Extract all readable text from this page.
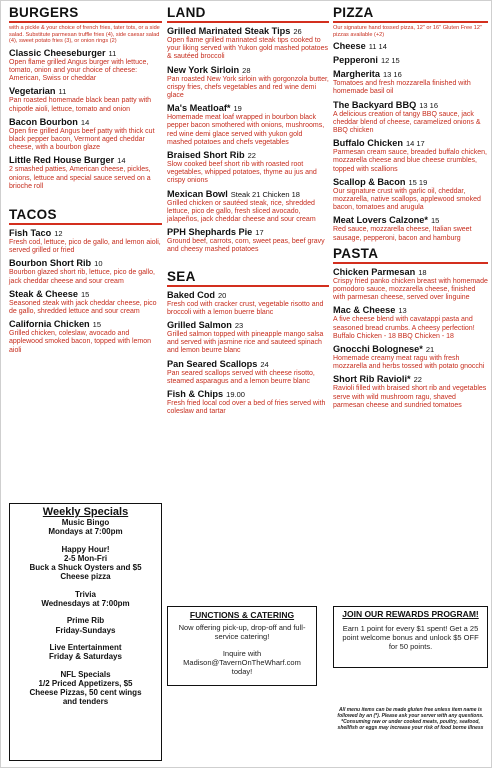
BURGERS
with a pickle & your choice of french fries, tater tots, or a side salad. Substitute parmesan truffle fries (4), side caesar salad (4), sweet potato fries (3), or onion rings (2)
Classic Cheeseburger 11
Open flame grilled Angus burger with lettuce, tomato, onion and your choice of cheese: American, Swiss or cheddar
Vegetarian 11
Pan roasted homemade black bean patty with chipotle aioli, lettuce, tomato and onion
Bacon Bourbon 14
Open fire grilled Angus beef patty with thick cut black pepper bacon, Vermont aged cheddar cheese, with a bourbon glaze
Little Red House Burger 14
2 smashed patties, American cheese, pickles, onions, lettuce and special sauce served on a brioche roll
TACOS
Fish Taco 12
Fresh cod, lettuce, pico de gallo, and lemon aioli, served grilled or fried
Bourbon Short Rib 10
Bourbon glazed short rib, lettuce, pico de gallo, jack cheddar cheese and sour cream
Steak & Cheese 15
Seasoned steak with jack cheddar cheese, pico de gallo, shredded lettuce and sour cream
California Chicken 15
Grilled chicken, coleslaw, avocado and applewood smoked bacon, topped with lemon aioli
LAND
Grilled Marinated Steak Tips 26
Open flame grilled marinated steak tips cooked to your liking served with Yukon gold mashed potatoes & sautéed broccoli
New York Sirloin 28
Pan roasted New York sirloin with gorgonzola butter, crispy fries, chefs vegetables and red wine demi glace
Ma's Meatloaf* 19
Homemade meat loaf wrapped in bourbon black pepper bacon smothered with onions, mushrooms, red wine demi glace served with yukon gold mashed potatoes and chefs vegetables
Braised Short Rib 22
Slow cooked beef short rib with roasted root vegetables, whipped potatoes, thyme au jus and crispy onions
Mexican Bowl Steak 21 Chicken 18
Grilled chicken or sautéed steak, rice, shredded lettuce, pico de gallo, fresh sliced avocado, jalapeños, jack cheddar cheese and sour cream
PPH Shephards Pie 17
Ground beef, carrots, corn, sweet peas, beef gravy and cheesy mashed potatoes
SEA
Baked Cod 20
Fresh cod with cracker crust, vegetable risotto and broccoli with a lemon buerre blanc
Grilled Salmon 23
Grilled salmon topped with pineapple mango salsa and served with jasmine rice and sauteed spinach and lemon beurre blanc
Pan Seared Scallops 24
Pan seared scallops served with cheese risotto, steamed asparagus and a lemon beurre blanc
Fish & Chips 19.00
Fresh fried local cod over a bed of fries served with coleslaw and tartar
PIZZA
Our signature hand tossed pizza, 12" or 16" Gluten Free 12" pizzas available (+2)
Cheese 11 14
Pepperoni 12 15
Margherita 13 16
Tomatoes and fresh mozzarella finished with homemade basil oil
The Backyard BBQ 13 16
A delicious creation of tangy BBQ sauce, jack cheddar blend of cheese, caramelized onions & BBQ chicken
Buffalo Chicken 14 17
Parmesan cream sauce, breaded buffalo chicken, mozzarella cheese and blue cheese crumbles, topped with scallions
Scallop & Bacon 15 19
Our signature crust with garlic oil, cheddar, mozzarella, native scallops, applewood smoked bacon, tomatoes and arugula
Meat Lovers Calzone* 15
Red sauce, mozzarella cheese, Italian sweet sausage, pepperoni, bacon and hamburg
PASTA
Chicken Parmesan 18
Crispy fried panko chicken breast with homemade pomodoro sauce, mozzarella cheese, finished with parmesan cheese, served over linguine
Mac & Cheese 13
A five cheese blend with cavatappi pasta and seasoned bread crumbs. A cheesy perfection! Buffalo Chicken - 18 BBQ Chicken - 18
Gnocchi Bolognese* 21
Homemade creamy meat ragu with fresh mozzarella and herbs tossed with potato gnocchi
Short Rib Ravioli* 22
Ravioli filled with braised short rib and vegetables serve with wild mushroom ragu, shaved parmesan cheese and sundried tomatoes
Weekly Specials
Music Bingo
Mondays at 7:00pm
Happy Hour!
2-5 Mon-Fri
Buck a Shuck Oysters and $5
Cheese pizza
Trivia
Wednesdays at 7:00pm
Prime Rib
Friday-Sundays
Live Entertainment
Friday & Saturdays
NFL Specials
1/2 Priced Appetizers, $5
Cheese Pizzas, 50 cent wings
and tenders
FUNCTIONS & CATERING
Now offering pick-up, drop-off and full-service catering!
Inquire with Madison@TavernOnTheWharf.com today!
JOIN OUR REWARDS PROGRAM!
Earn 1 point for every $1 spent! Get a 25 point welcome bonus and unlock $5 OFF for 50 points.
All menu items can be made gluten free unless item name is followed by an (*). Please ask your server with any questions. *Consuming raw or under cooked meats, poultry, seafood, shellfish or eggs may increase your risk of food borne illness
